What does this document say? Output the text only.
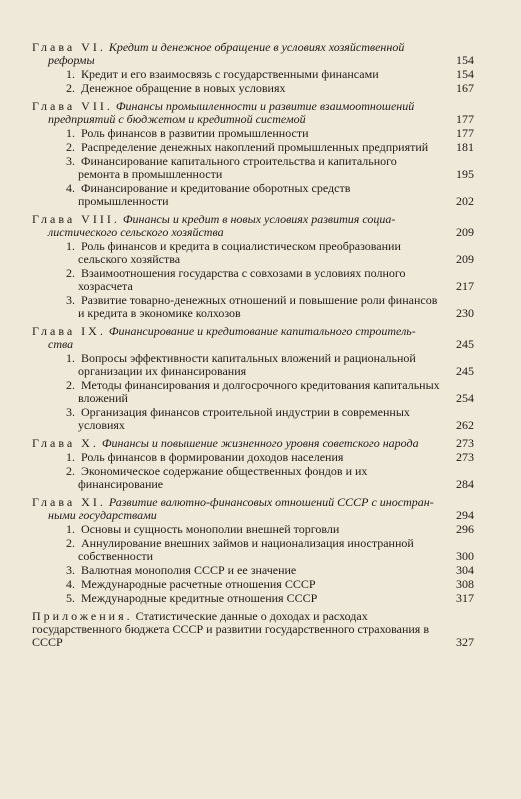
Глава VI. Кредит и денежное обращение в условиях хозяйственной
реформы	154
1. Кредит и его взаимосвязь с государственными финансами	154
2. Денежное обращение в новых условиях	167
Глава VII. Финансы промышленности и развитие взаимоотношений
предприятий с бюджетом и кредитной системой	177
1. Роль финансов в развитии промышленности	177
2. Распределение денежных накоплений промышленных предприятий 181
3. Финансирование капитального строительства и капитального ремонта в промышленности	195
4. Финансирование и кредитование оборотных средств промышленности	202
Глава VIII. Финансы и кредит в новых условиях развития социа-
листического сельского хозяйства	209
1. Роль финансов и кредита в социалистическом преобразовании сельского хозяйства	209
2. Взаимоотношения государства с совхозами в условиях полного хозрасчета	217
3. Развитие товарно-денежных отношений и повышение роли финансов и кредита в экономике колхозов	230
Глава IX. Финансирование и кредитование капитального строитель-
ства	245
1. Вопросы эффективности капитальных вложений и рациональной организации их финансирования	245
2. Методы финансирования и долгосрочного кредитования капитальных вложений	254
3. Организация финансов строительной индустрии в современных условиях	262
Глава X. Финансы и повышение жизненного уровня советского народа	273
1. Роль финансов в формировании доходов населения	273
2. Экономическое содержание общественных фондов и их финансирование	284
Глава XI. Развитие валютно-финансовых отношений СССР с иностран-
ными государствами	294
1. Основы и сущность монополии внешней торговли	296
2. Аннулирование внешних займов и национализация иностранной собственности	300
3. Валютная монополия СССР и ее значение	304
4. Международные расчетные отношения СССР	308
5. Международные кредитные отношения СССР	317
Приложения. Статистические данные о доходах и расходах государственного бюджета СССР и развитии государственного страхования в СССР	327
